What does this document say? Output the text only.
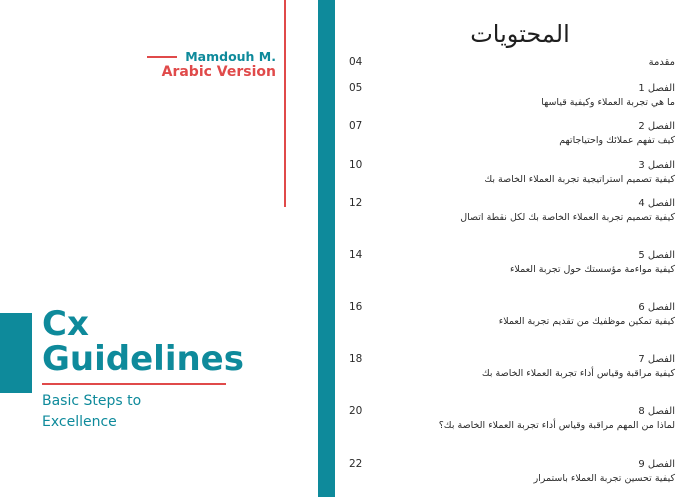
Mamdouh M.
Arabic Version
Cx
Guidelines
Basic Steps to
Excellence
المحتويات
04	مقدمة
05	الفصل 1
ما هي تجربة العملاء وكيفية قياسها
07	الفصل 2
كيف تفهم عملائك واحتياجاتهم
10	الفصل 3
كيفية تصميم استراتيجية تجربة العملاء الخاصة بك
12	الفصل 4
كيفية تصميم تجربة العملاء الخاصة بك لكل نقطة اتصال
14	الفصل 5
كيفية مواءمة مؤسستك حول تجربة العملاء
16	الفصل 6
كيفية تمكين موظفيك من تقديم تجربة العملاء
18	الفصل 7
كيفية مراقبة وقياس أداء تجربة العملاء الخاصة بك
20	الفصل 8
لماذا من المهم مراقبة وقياس أداء تجربة العملاء الخاصة بك؟
22	الفصل 9
كيفية تحسين تجربة العملاء باستمرار
